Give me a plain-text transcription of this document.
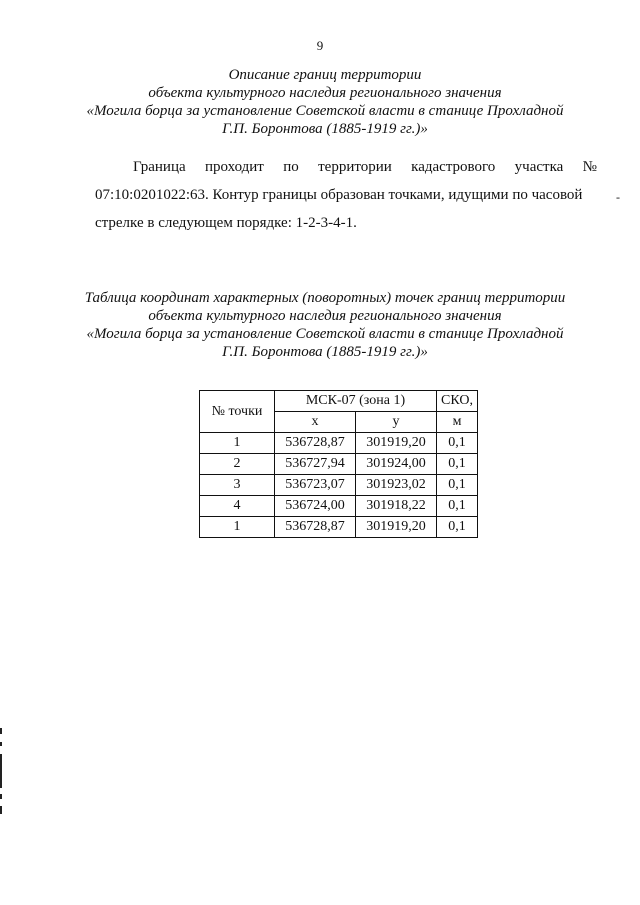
9
Описание границ территории
объекта культурного наследия регионального значения
«Могила борца за установление Советской власти в станице Прохладной
Г.П. Боронтова (1885-1919 гг.)»
Граница проходит по территории кадастрового участка №
07:10:0201022:63. Контур границы образован точками, идущими по часовой
стрелке в следующем порядке: 1-2-3-4-1.
-
Таблица координат характерных (поворотных) точек границ территории
объекта культурного наследия регионального значения
«Могила борца за установление Советской власти в станице Прохладной
Г.П. Боронтова (1885-1919 гг.)»
№ точки	МСК-07 (зона 1)		СКО,
	x	y	м
1	536728,87	301919,20	0,1
2	536727,94	301924,00	0,1
3	536723,07	301923,02	0,1
4	536724,00	301918,22	0,1
1	536728,87	301919,20	0,1
